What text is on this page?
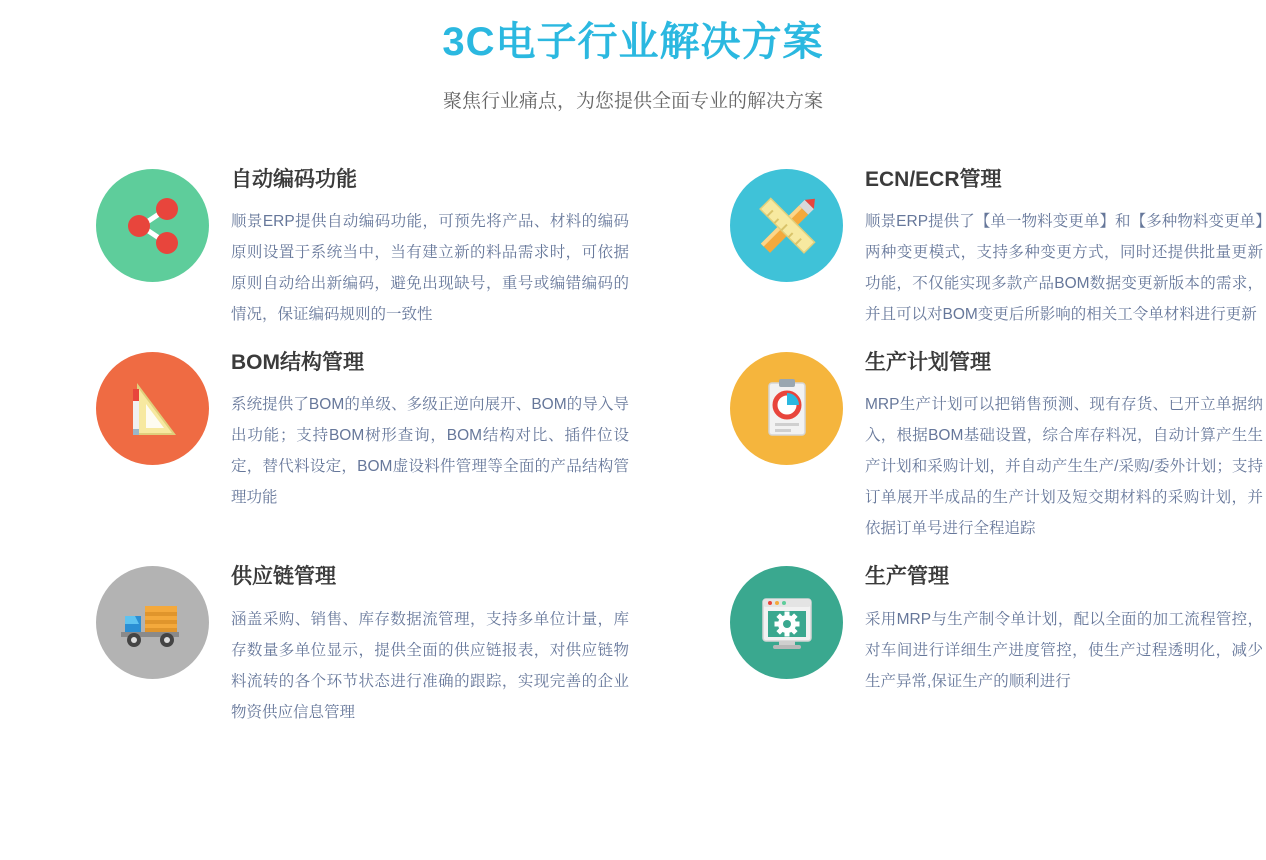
3C电子行业解决方案
聚焦行业痛点，为您提供全面专业的解决方案
自动编码功能

顺景ERP提供自动编码功能，可预先将产品、材料的编码原则设置于系统当中，当有建立新的料品需求时，可依据原则自动给出新编码，避免出现缺号，重号或编错编码的情况，保证编码规则的一致性

ECN/ECR管理

顺景ERP提供了【单一物料变更单】和【多种物料变更单】两种变更模式，支持多种变更方式，同时还提供批量更新功能，不仅能实现多款产品BOM数据变更新版本的需求，并且可以对BOM变更后所影响的相关工令单材料进行更新

BOM结构管理

系统提供了BOM的单级、多级正逆向展开、BOM的导入导出功能；支持BOM树形查询，BOM结构对比、插件位设定，替代料设定，BOM虚设料件管理等全面的产品结构管理功能

生产计划管理

MRP生产计划可以把销售预测、现有存货、已开立单据纳入，根据BOM基础设置，综合库存料况，自动计算产生生产计划和采购计划，并自动产生生产/采购/委外计划；支持订单展开半成品的生产计划及短交期材料的采购计划，并依据订单号进行全程追踪

供应链管理

涵盖采购、销售、库存数据流管理，支持多单位计量，库存数量多单位显示，提供全面的供应链报表，对供应链物料流转的各个环节状态进行准确的跟踪，实现完善的企业物资供应信息管理

生产管理

采用MRP与生产制令单计划，配以全面的加工流程管控，对车间进行详细生产进度管控，使生产过程透明化，减少生产异常,保证生产的顺利进行
